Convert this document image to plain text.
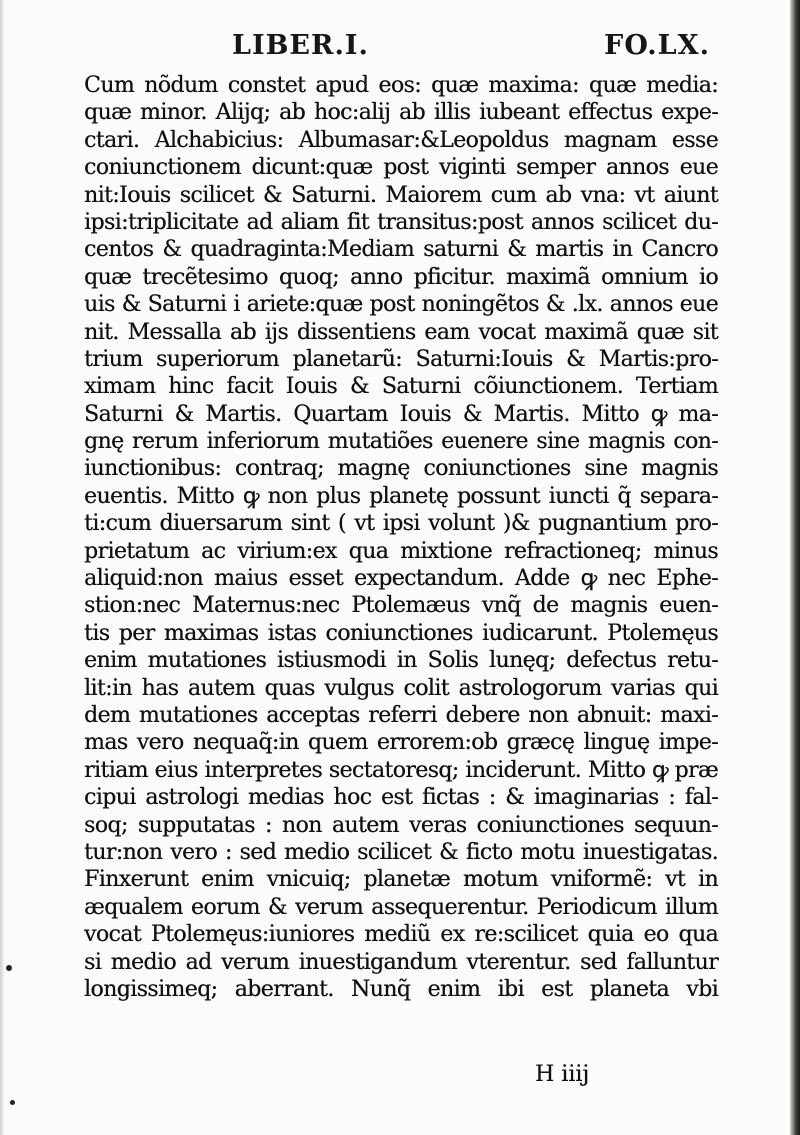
LIBER.I.	FO.LX.
Cum nõdum constet apud eos: quæ maxima: quæ media:
quæ minor. Alijq; ab hoc:alij ab illis iubeant effectus expe-
ctari. Alchabicius: Albumasar:&Leopoldus magnam esse
coniunctionem dicunt:quæ post viginti semper annos eue
nit:Iouis scilicet & Saturni. Maiorem cum ab vna: vt aiunt
ipsi:triplicitate ad aliam fit transitus:post annos scilicet du-
centos & quadraginta:Mediam saturni & martis in Cancro
quæ trecẽtesimo quoq; anno pficitur. maximã omnium io
uis & Saturni i ariete:quæ post noningẽtos & .lx. annos eue
nit. Messalla ab ijs dissentiens eam vocat maximã quæ sit
trium superiorum planetarũ: Saturni:Iouis & Martis:pro-
ximam hinc facit Iouis & Saturni cõiunctionem. Tertiam
Saturni & Martis. Quartam Iouis & Martis. Mitto ꝙ ma-
gnę rerum inferiorum mutatiões euenere sine magnis con-
iunctionibus: contraq; magnę coniunctiones sine magnis
euentis. Mitto ꝙ non plus planetę possunt iuncti q̃ separa-
ti:cum diuersarum sint ( vt ipsi volunt )& pugnantium pro-
prietatum ac virium:ex qua mixtione refractioneq; minus
aliquid:non maius esset expectandum. Adde ꝙ nec Ephe-
stion:nec Maternus:nec Ptolemæus vnq̃ de magnis euen-
tis per maximas istas coniunctiones iudicarunt. Ptolemęus
enim mutationes istiusmodi in Solis lunęq; defectus retu-
lit:in has autem quas vulgus colit astrologorum varias qui
dem mutationes acceptas referri debere non abnuit: maxi-
mas vero nequaq̃:in quem errorem:ob græcę linguę impe-
ritiam eius interpretes sectatoresq; inciderunt. Mitto ꝙ præ
cipui astrologi medias hoc est fictas : & imaginarias : fal-
soq; supputatas : non autem veras coniunctiones sequun-
tur:non vero : sed medio scilicet & ficto motu inuestigatas.
Finxerunt enim vnicuiq; planetæ motum vniformẽ: vt in
æqualem eorum & verum assequerentur. Periodicum illum
vocat Ptolemęus:iuniores mediũ ex re:scilicet quia eo qua
si medio ad verum inuestigandum vterentur. sed falluntur
longissimeq; aberrant. Nunq̃ enim ibi est planeta vbi
H iiij
